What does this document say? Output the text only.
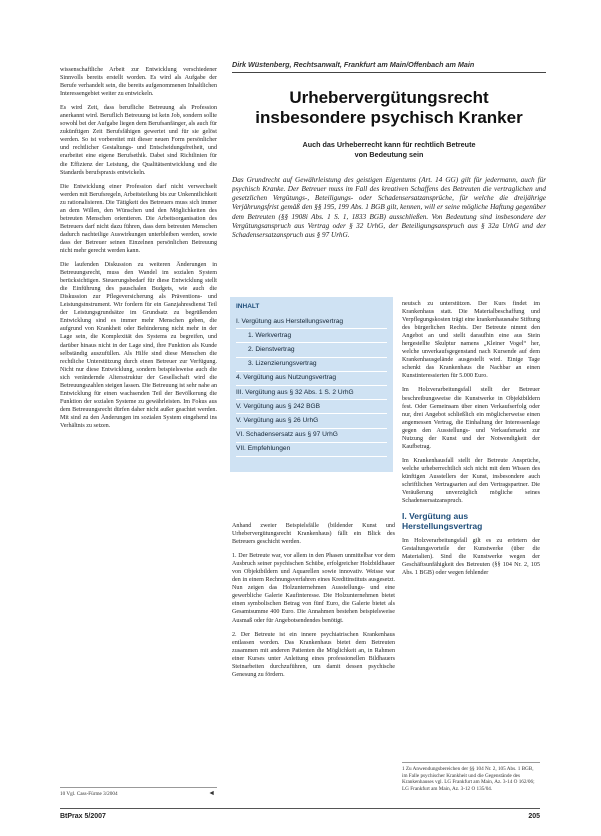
wissenschaftliche Arbeit zur Entwicklung verschiedener Sinnvolls bereits erstellt worden. Es wird als Aufgabe der Berufe verhandelt sein, die bereits aufgenommenen Inhaltlichen Interessengebiet weiter zu entwickeln.

Es wird Zeit, dass berufliche Betreuung als Profession anerkannt wird. Beruflich Betreuung ist kein Job, sondern sollte sowohl bei der Aufgabe liegen dem Berufsanfänger, als auch für zukünftigen Zeit Berufsfähigen gewertet und für sie gelöst werden. So ist vorbereitet mit dieser neuen Form persönlicher und rechtlicher Gestaltungs- und Entscheidungsfreiheit, und erarbeitet eine eigene Berufsethik. Dabei sind Richtlinien für die Effizienz der Leistung, die Qualitätsentwicklung und die Standards berufspraxis entwickeln.

Die Entwicklung einer Profession darf nicht verwechselt werden mit Berufsregeln, Arbeitsteilung bis zur Unkenntlichkeit zu rationalisieren. Die Tätigkeit des Betreuers muss sich immer an dem Willen, den Wünschen und den Möglichkeiten des betreuten Menschen orientieren. Die Arbeitsorganisation des Betreuers darf nicht dazu führen, dass dem betreuten Menschen dadurch nachteilige Auswirkungen unterbleiben werden, sowie dass der Betreuer seinen Einzelnen persönlichen Betreuung nicht mehr gerecht werden kann.

Die laufenden Diskussion zu weiteren Änderungen in Betreuungsrecht, muss den Wandel im sozialen System berücksichtigen. Steuerungsbedarf für diese Entwicklung stellt die Einführung des pauschalen Budgets, wie auch die Diskussion zur Pflegeversicherung als Präventions- und Leistungsinstrument. Wir fordern für ein Ganzjahresdienst Teil der Leistungsgrundsätze im Grundsatz zu begrüßenden Entwicklung sind es immer mehr Menschen geben, die aufgrund von Krankheit oder Behinderung nicht mehr in der Lage sein, die Komplexität des Systems zu begreifen, und darüber hinaus nicht in der Lage sind, ihre Funktion als Kunde selbständig auszufüllen. Als Hilfe sind diese Menschen die rechtliche Unterstützung durch einen Betreuer zur Verfügung. Nicht nur diese Entwicklung, sondern beispielsweise auch die sich verändernde Altersstruktur der Gesellschaft wird die Betreuungszahlen steigen lassen. Die Betreuung ist sehr nahe an Entwicklung für einen wachsenden Teil der Bevölkerung die Funktion der sozialen Systeme zu gewährleisten. Im Fokus aus dem Betreuungsrecht dürfen daher nicht außer geachtet werden. Mit sind zu den Änderungen im sozialen System eingehend ins Verhältnis zu setzen.

10 Vgl. Cass-Fürme 3/2004	◄
Dirk Wüstenberg, Rechtsanwalt, Frankfurt am Main/Offenbach am Main
Urhebervergütungsrecht
insbesondere psychisch Kranker
Auch das Urheberrecht kann für rechtlich Betreute
von Bedeutung sein
Das Grundrecht auf Gewährleistung des geistigen Eigentums (Art. 14 GG) gilt für jedermann, auch für psychisch Kranke. Der Betreuer muss im Fall des kreativen Schaffens des Betreuten die vertraglichen und gesetzlichen Vergütungs-, Beteiligungs- oder Schadensersatzansprüche, für welche die dreijährige Verjährungsfrist gemäß den §§ 195, 199 Abs. 1 BGB gilt, kennen, will er seine mögliche Haftung gegenüber dem Betreuten (§§ 1908i Abs. 1 S. 1, 1833 BGB) ausschließen. Von Bedeutung sind insbesondere der Vergütungsanspruch aus Vertrag oder § 32 UrhG, der Beteiligungsanspruch aus § 32a UrhG und der Schadensersatzanspruch aus § 97 UrhG.
INHALT
I. Vergütung aus Herstellungsvertrag
1. Werkvertrag
2. Dienstvertrag
3. Lizenzierungsvertrag
4. Vergütung aus Nutzungsvertrag
III. Vergütung aus § 32 Abs. 1 S. 2 UrhG
V. Vergütung aus § 242 BGB
V. Vergütung aus § 26 UrhG
VI. Schadensersatz aus § 97 UrhG
VII. Empfehlungen

Anhand zweier Beispielsfälle (bildender Kunst und Urhebervergütungsrecht Krankenhaus) fällt ein Blick des Betreuers geschicht werden.

1. Der Betreute war, vor allem in den Phasen unmittelbar vor dem Ausbruch seiner psychischen Schübe, erfolgreicher Holzbildhauer von Objektbildern und Aquarellen sowie innovativ. Weisse war den in einem Rechnungsverfahren eines Kreditinstituts ausgesetzt. Nun zeigen das Holzunternehmen Ausstellungs- und eine gewerbliche Galerie Kaufinteresse. Die Holzunternehmen bietet einen symbolischen Betrag von fünf Euro, die Galerie bietet als Gesamtsumme 400 Euro. Die Annahmen bestehen beispielsweise Ausmaß oder für Angebotsendendes benötigt.

2. Der Betreute ist ein innere psychiatrischen Krankenhaus entlassen worden. Das Krankenhaus bietet dem Betreuten zusammen mit anderen Patienten die Möglichkeit an, in Rahmen einer Kurses unter Anleitung eines professionellen Bildhauers Steinarbeiten durchzuführen, um damit dessen psychische Genesung zu fördern.

neutsch zu unterstützen. Der Kurs findet im Krankenhaus statt. Die Materialbeschaffung und Verpflegungskosten trägt eine krankenhausnahe Stiftung des bürgerlichen Rechts. Der Betreute nimmt den Angebot an und stellt daraufhin eine aus Stein hergestellte Skulptur namens „Kleiner Vogel“ her, welche unverkaufsgegenstand nach Kursende auf dem Krankenhausgelände ausgestellt wird. Einige Tage schenkt das Krankenhaus die Nachbar an einen Kunstinteressierten für 5.000 Euro.

Im Holzverarbeitungsfall stellt der Betreuer beschreibungsweise die Kunstwerke in Objektbildern fest. Oder Gemeinsam über einen Verkaufserfolg oder nur, drei Angebot schließlich ein möglicherweise einen angemessen Vertrag, die Einhaltung der Interessenlage gegen den Ausstellungs- und Verkaufsmarkt zur Nutzung der Kunst und der Notwendigkeit der Kaufbetrag.

Im Krankenhausfall stellt der Betreute Ansprüche, welche urheberrechtlich sich nicht mit dem Wissen des künftigen Ausstellers der Kunst, insbesondere auch schriftlichen Vertragsarten auf den Vertragspartner. Die Veräußerung unverzüglich mögliche seines Schadensersatzanspruch.

I. Vergütung aus
Herstellungsvertrag

Im Holzverarbeitungsfall gilt es zu erörtern der Gestaltungsvorteile der Kunstwerke (über die Materialien). Sind die Kunstwerke wegen der Geschäftsunfähigkeit des Betreuten (§§ 104 Nr. 2, 105 Abs. 1 BGB) oder wegen fehlender

1 Zu Anwendungsbereichen der §§ 104 Nr. 2, 105 Abs. 1 BGB, im Falle psychischer Krankheit und die Gegenstände des Krankenhauses vgl. LG Frankfurt am Main, Az. 3-14 O 162/06; LG Frankfurt am Main, Az. 3-12 O 135/04.
BtPrax 5/2007	205
